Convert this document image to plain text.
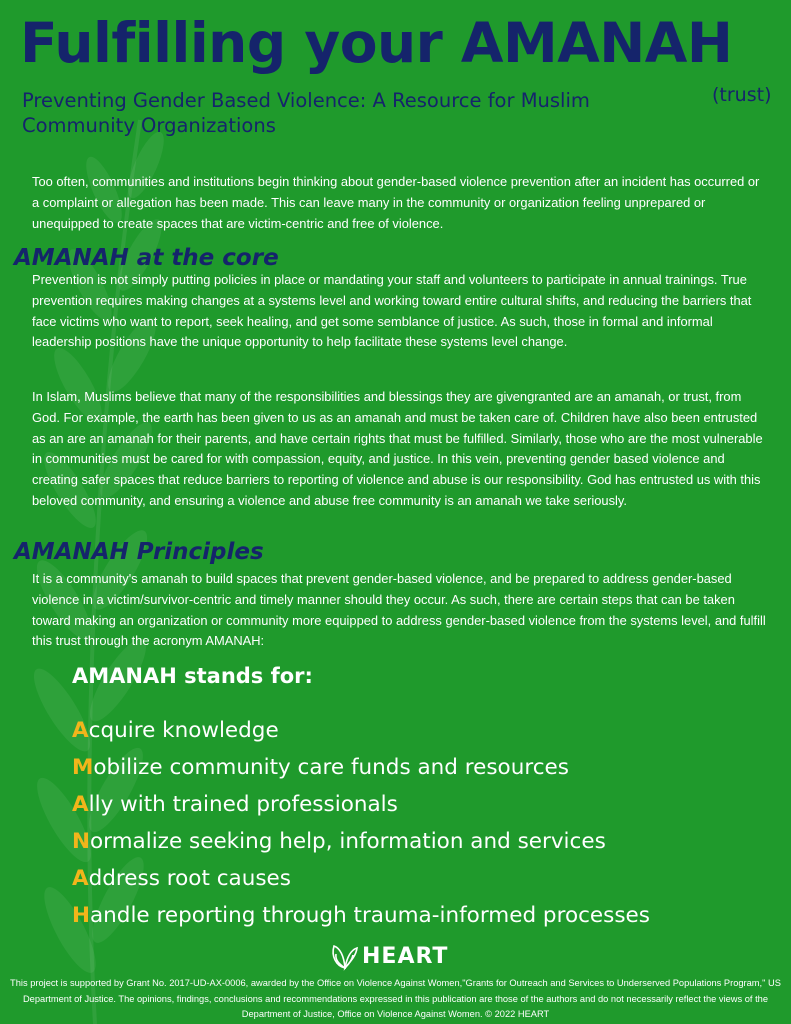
Fulfilling your AMANAH
(trust)

Preventing Gender Based Violence: A Resource for Muslim Community Organizations

Too often, communities and institutions begin thinking about gender-based violence prevention after an incident has occurred or a complaint or allegation has been made. This can leave many in the community or organization feeling unprepared or unequipped to create spaces that are victim-centric and free of violence.

AMANAH at the core

Prevention is not simply putting policies in place or mandating your staff and volunteers to participate in annual trainings. True prevention requires making changes at a systems level and working toward entire cultural shifts, and reducing the barriers that face victims who want to report, seek healing, and get some semblance of justice. As such, those in formal and informal leadership positions have the unique opportunity to help facilitate these systems level change.

In Islam, Muslims believe that many of the responsibilities and blessings they are givengranted are an amanah, or trust, from God. For example, the earth has been given to us as an amanah and must be taken care of. Children have also been entrusted as an are an amanah for their parents, and have certain rights that must be fulfilled. Similarly, those who are the most vulnerable in communities must be cared for with compassion, equity, and justice. In this vein, preventing gender based violence and creating safer spaces that reduce barriers to reporting of violence and abuse is our responsibility. God has entrusted us with this beloved community, and ensuring a violence and abuse free community is an amanah we take seriously.

AMANAH Principles

It is a community's amanah to build spaces that prevent gender-based violence, and be prepared to address gender-based violence in a victim/survivor-centric and timely manner should they occur. As such, there are certain steps that can be taken toward making an organization or community more equipped to address gender-based violence from the systems level, and fulfill this trust through the acronym AMANAH:

AMANAH stands for:

Acquire knowledge
Mobilize community care funds and resources
Ally with trained professionals
Normalize seeking help, information and services
Address root causes
Handle reporting through trauma-informed processes
HEART

This project is supported by Grant No. 2017-UD-AX-0006, awarded by the Office on Violence Against Women,"Grants for Outreach and Services to Underserved Populations Program," US Department of Justice. The opinions, findings, conclusions and recommendations expressed in this publication are those of the authors and do not necessarily reflect the views of the Department of Justice, Office on Violence Against Women. © 2022 HEART
